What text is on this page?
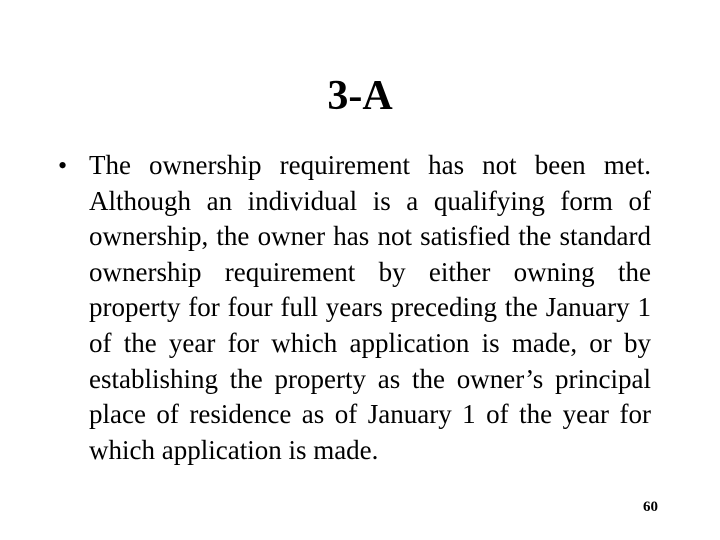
3-A
• The ownership requirement has not been met. Although an individual is a qualifying form of ownership, the owner has not satisfied the standard ownership requirement by either owning the property for four full years preceding the January 1 of the year for which application is made, or by establishing the property as the owner’s principal place of residence as of January 1 of the year for which application is made.
60
